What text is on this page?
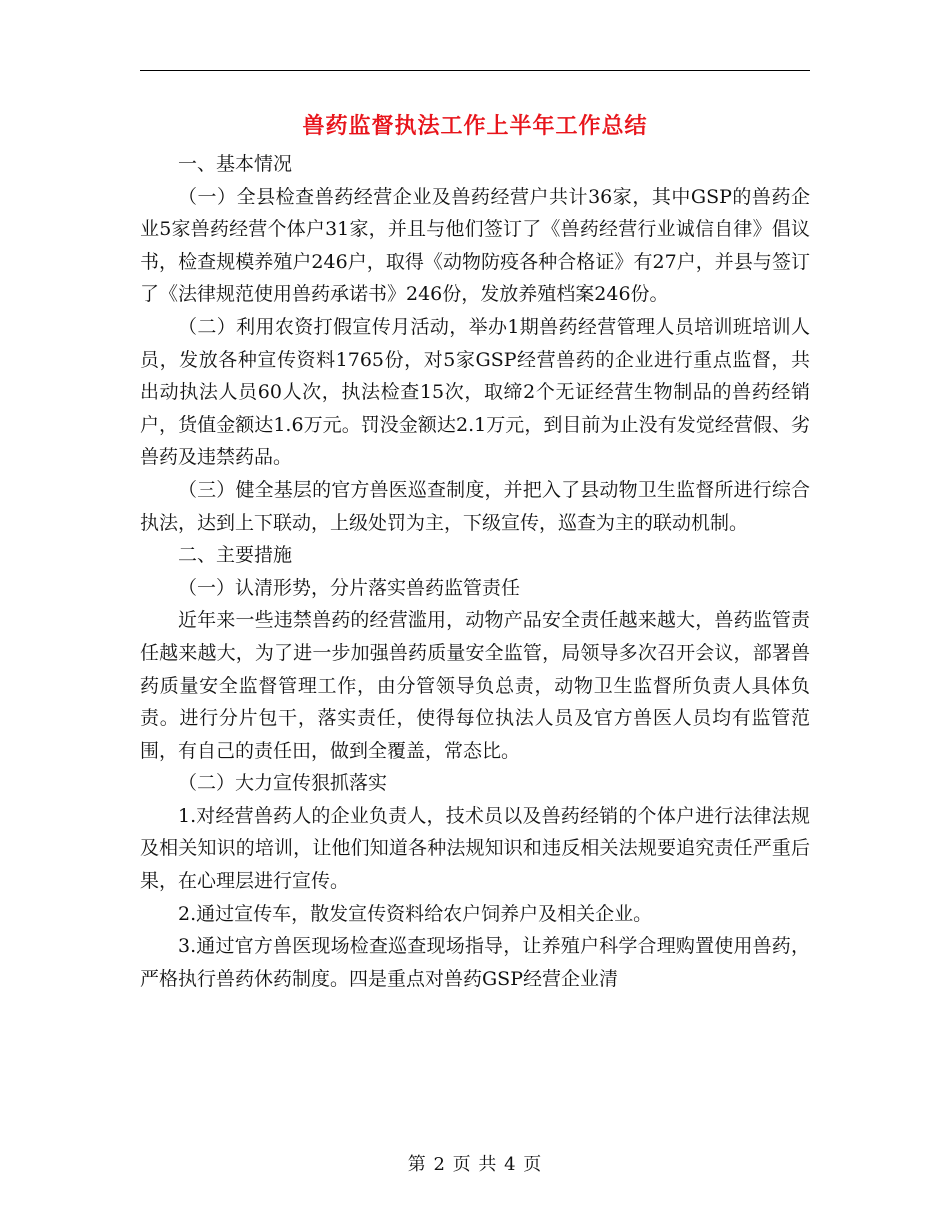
兽药监督执法工作上半年工作总结

一、基本情况

（一）全县检查兽药经营企业及兽药经营户共计36家，其中GSP的兽药企业5家兽药经营个体户31家，并且与他们签订了《兽药经营行业诚信自律》倡议书，检查规模养殖户246户，取得《动物防疫各种合格证》有27户，并县与签订了《法律规范使用兽药承诺书》246份，发放养殖档案246份。

（二）利用农资打假宣传月活动，举办1期兽药经营管理人员培训班培训人员，发放各种宣传资料1765份，对5家GSP经营兽药的企业进行重点监督，共出动执法人员60人次，执法检查15次，取缔2个无证经营生物制品的兽药经销户，货值金额达1.6万元。罚没金额达2.1万元，到目前为止没有发觉经营假、劣兽药及违禁药品。

（三）健全基层的官方兽医巡查制度，并把入了县动物卫生监督所进行综合执法，达到上下联动，上级处罚为主，下级宣传，巡查为主的联动机制。

二、主要措施

（一）认清形势，分片落实兽药监管责任

近年来一些违禁兽药的经营滥用，动物产品安全责任越来越大，兽药监管责任越来越大，为了进一步加强兽药质量安全监管，局领导多次召开会议，部署兽药质量安全监督管理工作，由分管领导负总责，动物卫生监督所负责人具体负责。进行分片包干，落实责任，使得每位执法人员及官方兽医人员均有监管范围，有自己的责任田，做到全覆盖，常态比。

（二）大力宣传狠抓落实

1.对经营兽药人的企业负责人，技术员以及兽药经销的个体户进行法律法规及相关知识的培训，让他们知道各种法规知识和违反相关法规要追究责任严重后果，在心理层进行宣传。

2.通过宣传车，散发宣传资料给农户饲养户及相关企业。

3.通过官方兽医现场检查巡查现场指导，让养殖户科学合理购置使用兽药，严格执行兽药休药制度。四是重点对兽药GSP经营企业清

第 2 页 共 4 页
